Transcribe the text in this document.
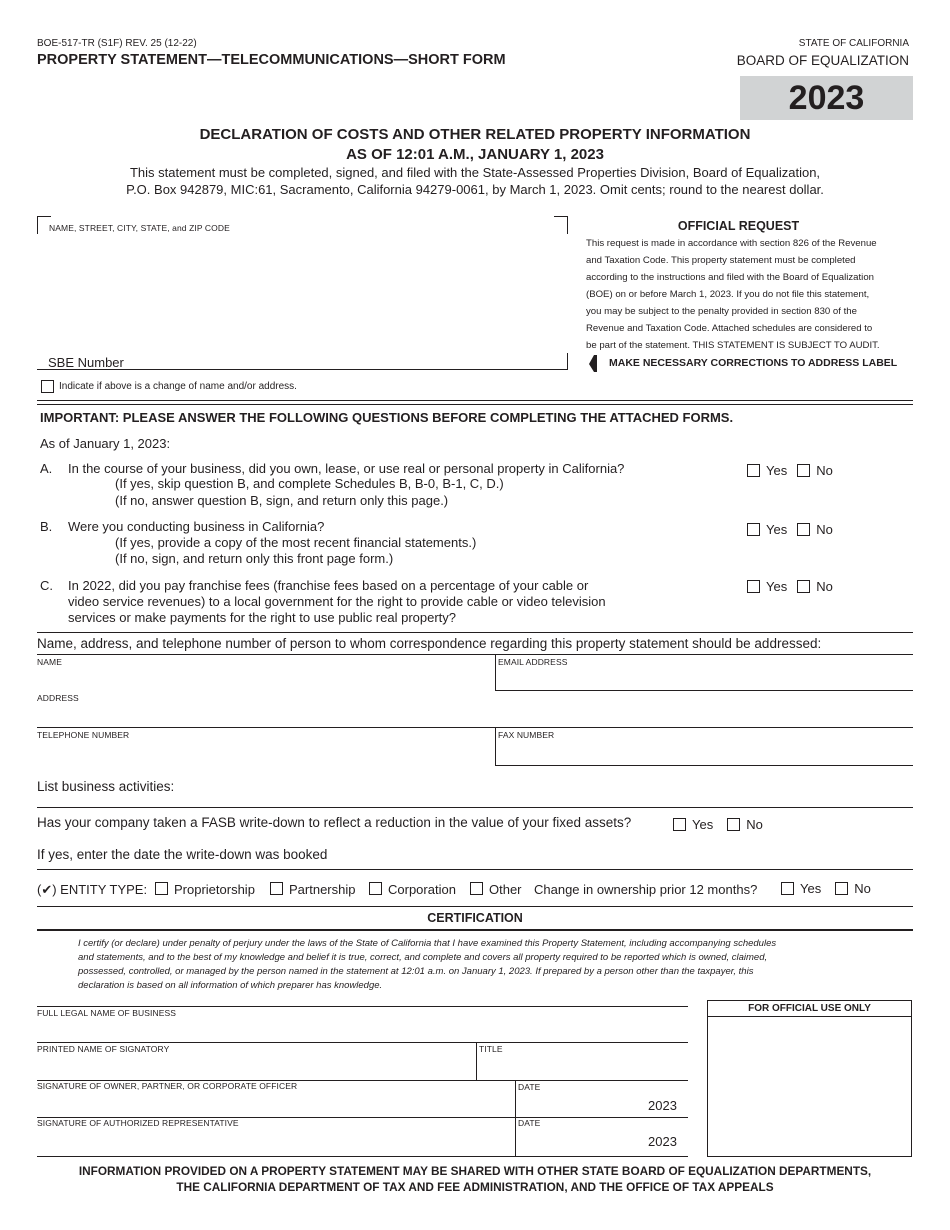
BOE-517-TR (S1F) REV. 25 (12-22)
PROPERTY STATEMENT—TELECOMMUNICATIONS—SHORT FORM
STATE OF CALIFORNIA
BOARD OF EQUALIZATION
2023
DECLARATION OF COSTS AND OTHER RELATED PROPERTY INFORMATION
AS OF 12:01 A.M., JANUARY 1, 2023
This statement must be completed, signed, and filed with the State-Assessed Properties Division, Board of Equalization,
P.O. Box 942879, MIC:61, Sacramento, California 94279-0061, by March 1, 2023. Omit cents; round to the nearest dollar.
NAME, STREET, CITY, STATE, and ZIP CODE
SBE Number
Indicate if above is a change of name and/or address.
OFFICIAL REQUEST
This request is made in accordance with section 826 of the Revenue
and Taxation Code. This property statement must be completed
according to the instructions and filed with the Board of Equalization
(BOE) on or before March 1, 2023. If you do not file this statement,
you may be subject to the penalty provided in section 830 of the
Revenue and Taxation Code. Attached schedules are considered to
be part of the statement. THIS STATEMENT IS SUBJECT TO AUDIT.
MAKE NECESSARY CORRECTIONS TO ADDRESS LABEL
IMPORTANT: PLEASE ANSWER THE FOLLOWING QUESTIONS BEFORE COMPLETING THE ATTACHED FORMS.
As of January 1, 2023:
A. In the course of your business, did you own, lease, or use real or personal property in California?
(If yes, skip question B, and complete Schedules B, B-0, B-1, C, D.)
(If no, answer question B, sign, and return only this page.)
Yes No
B. Were you conducting business in California?
(If yes, provide a copy of the most recent financial statements.)
(If no, sign, and return only this front page form.)
Yes No
C. In 2022, did you pay franchise fees (franchise fees based on a percentage of your cable or
video service revenues) to a local government for the right to provide cable or video television
services or make payments for the right to use public real property?
Yes No
Name, address, and telephone number of person to whom correspondence regarding this property statement should be addressed:
NAME	EMAIL ADDRESS
ADDRESS
TELEPHONE NUMBER	FAX NUMBER
List business activities:
Has your company taken a FASB write-down to reflect a reduction in the value of your fixed assets?	Yes	No
If yes, enter the date the write-down was booked
(✔) ENTITY TYPE: Proprietorship	Partnership	Corporation	Other Change in ownership prior 12 months?	Yes	No
CERTIFICATION
I certify (or declare) under penalty of perjury under the laws of the State of California that I have examined this Property Statement, including accompanying schedules
and statements, and to the best of my knowledge and belief it is true, correct, and complete and covers all property required to be reported which is owned, claimed,
possessed, controlled, or managed by the person named in the statement at 12:01 a.m. on January 1, 2023. If prepared by a person other than the taxpayer, this
declaration is based on all information of which preparer has knowledge.
FULL LEGAL NAME OF BUSINESS
PRINTED NAME OF SIGNATORY	TITLE
SIGNATURE OF OWNER, PARTNER, OR CORPORATE OFFICER	DATE
2023
SIGNATURE OF AUTHORIZED REPRESENTATIVE	DATE
2023
FOR OFFICIAL USE ONLY
INFORMATION PROVIDED ON A PROPERTY STATEMENT MAY BE SHARED WITH OTHER STATE BOARD OF EQUALIZATION DEPARTMENTS,
THE CALIFORNIA DEPARTMENT OF TAX AND FEE ADMINISTRATION, AND THE OFFICE OF TAX APPEALS
